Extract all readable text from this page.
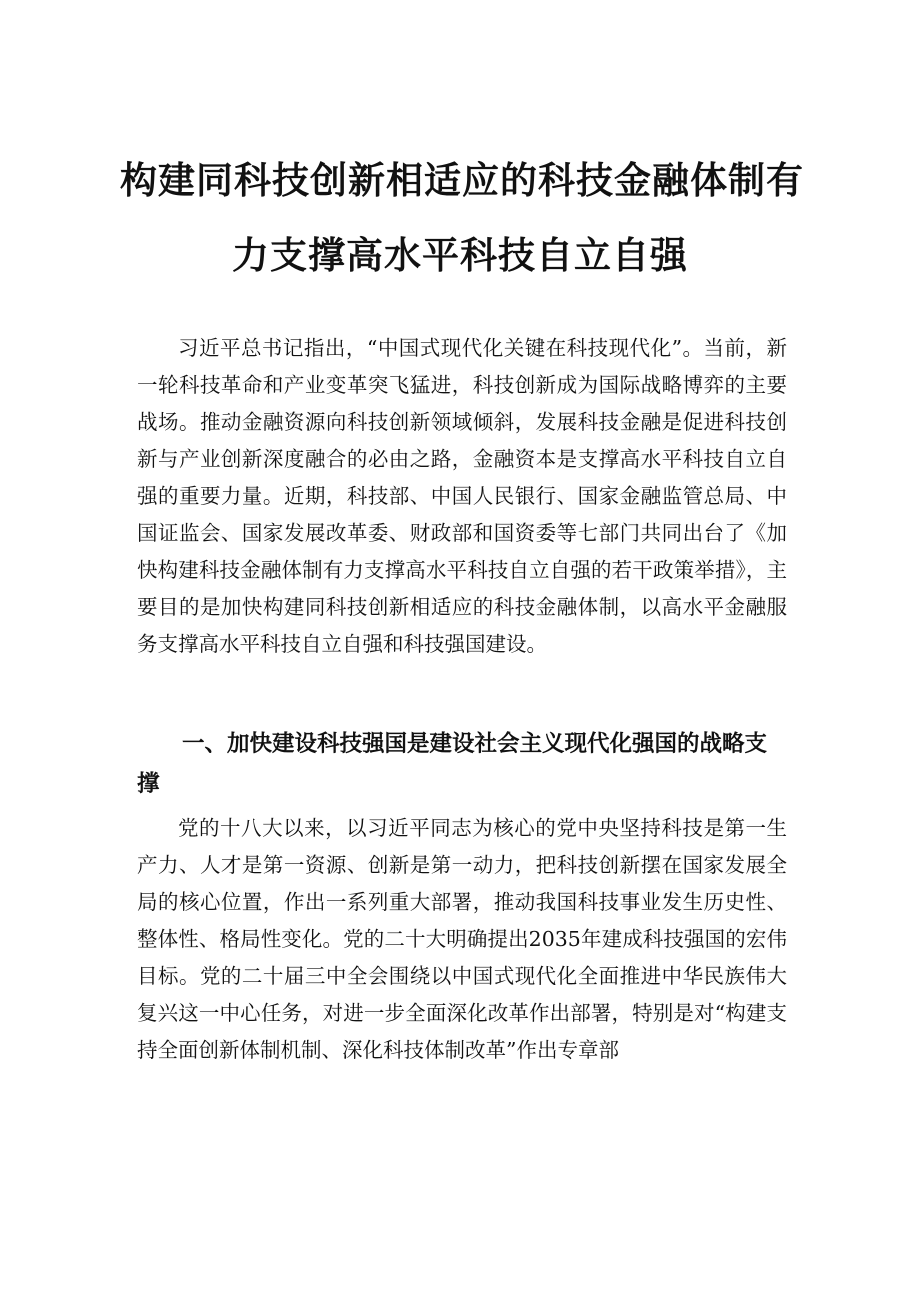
构建同科技创新相适应的科技金融体制有
力支撑高水平科技自立自强

习近平总书记指出，“中国式现代化关键在科技现代化”。当前，新一轮科技革命和产业变革突飞猛进，科技创新成为国际战略博弈的主要战场。推动金融资源向科技创新领域倾斜，发展科技金融是促进科技创新与产业创新深度融合的必由之路，金融资本是支撑高水平科技自立自强的重要力量。近期，科技部、中国人民银行、国家金融监管总局、中国证监会、国家发展改革委、财政部和国资委等七部门共同出台了《加快构建科技金融体制有力支撑高水平科技自立自强的若干政策举措》，主要目的是加快构建同科技创新相适应的科技金融体制，以高水平金融服务支撑高水平科技自立自强和科技强国建设。

一、加快建设科技强国是建设社会主义现代化强国的战略支撑

党的十八大以来，以习近平同志为核心的党中央坚持科技是第一生产力、人才是第一资源、创新是第一动力，把科技创新摆在国家发展全局的核心位置，作出一系列重大部署，推动我国科技事业发生历史性、整体性、格局性变化。党的二十大明确提出2035年建成科技强国的宏伟目标。党的二十届三中全会围绕以中国式现代化全面推进中华民族伟大复兴这一中心任务，对进一步全面深化改革作出部署，特别是对“构建支持全面创新体制机制、深化科技体制改革”作出专章部
